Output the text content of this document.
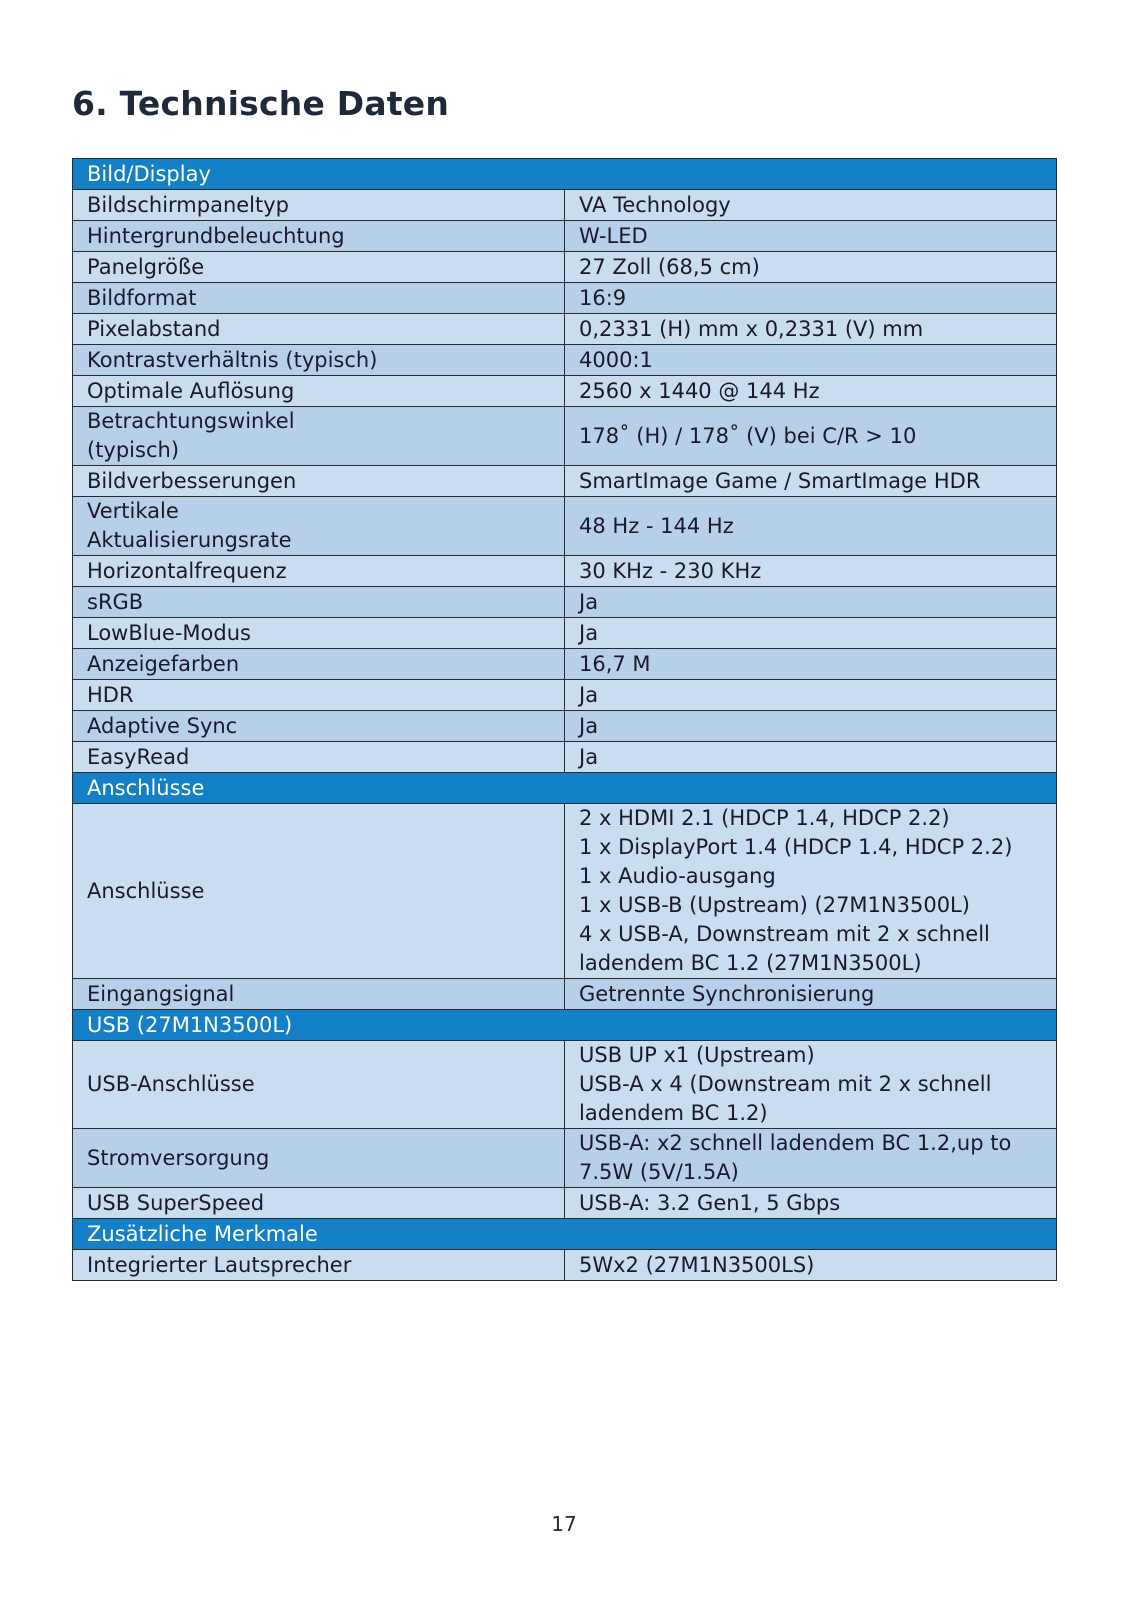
6. Technische Daten
Bild/Display	
Bildschirmpaneltyp	VA Technology
Hintergrundbeleuchtung	W-LED
Panelgröße	27 Zoll (68,5 cm)
Bildformat	16:9
Pixelabstand	0,2331 (H) mm x 0,2331 (V) mm
Kontrastverhältnis (typisch)	4000:1
Optimale Auflösung	2560 x 1440 @ 144 Hz
Betrachtungswinkel
(typisch)	178˚ (H) / 178˚ (V) bei C/R > 10
Bildverbesserungen	SmartImage Game / SmartImage HDR
Vertikale
Aktualisierungsrate	48 Hz - 144 Hz
Horizontalfrequenz	30 KHz - 230 KHz
sRGB	Ja
LowBlue-Modus	Ja
Anzeigefarben	16,7 M
HDR	Ja
Adaptive Sync	Ja
EasyRead	Ja
Anschlüsse	
Anschlüsse	2 x HDMI 2.1 (HDCP 1.4, HDCP 2.2)
1 x DisplayPort 1.4 (HDCP 1.4, HDCP 2.2)
1 x Audio-ausgang
1 x USB-B (Upstream) (27M1N3500L)
4 x USB-A, Downstream mit 2 x schnell ladendem BC 1.2 (27M1N3500L)
Eingangsignal	Getrennte Synchronisierung
USB (27M1N3500L)	
USB-Anschlüsse	USB UP x1 (Upstream)
USB-A x 4 (Downstream mit 2 x schnell ladendem BC 1.2)
Stromversorgung	USB-A: x2 schnell ladendem BC 1.2,up to 7.5W (5V/1.5A)
USB SuperSpeed	USB-A: 3.2 Gen1, 5 Gbps
Zusätzliche Merkmale	
Integrierter Lautsprecher	5Wx2 (27M1N3500LS)
17
